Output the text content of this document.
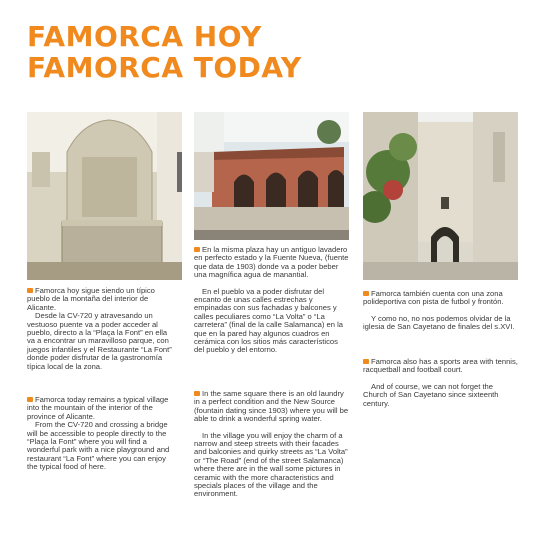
FAMORCA HOY
FAMORCA TODAY

Famorca hoy sigue siendo un típico pueblo de la montaña del interior de Alicante.

Desde la CV-720 y atravesando un vestuoso puente va a poder acceder al pueblo, directo a la “Plaça la Font” en ella va a encontrar un maravilloso parque, con juegos infantiles y el Restaurante “La Font” donde poder disfrutar de la gastronomía típica local de la zona.

Famorca today remains a typical village into the mountain of the interior of the province of Alicante.

From the CV-720 and crossing a bridge will be accessible to people directly to the “Plaça la Font” where you will find a wonderful park with a nice playground and restaurant “La Font” where you can enjoy the typical food of here.

En la misma plaza hay un antiguo lavadero en perfecto estado y la Fuente Nueva, (fuente que data de 1903) donde va a poder beber una magnífica agua de manantial.

En el pueblo va a poder disfrutar del encanto de unas calles estrechas y empinadas con sus fachadas y balcones y calles peculiares como “La Volta” o “La carretera” (final de la calle Salamanca) en la que en la pared hay algunos cuadros en cerámica con los sitios más característicos del pueblo y del entorno.

In the same square there is an old laundry in a perfect condition and the New Source (fountain dating since 1903) where you will be able to drink a wonderful spring water.

In the village you will enjoy the charm of a narrow and steep streets with their facades and balconies and quirky streets as “La Volta” or “The Road” (end of the street Salamanca) where there are in the wall some pictures in ceramic with the more characteristics and specials places of the village and the environment.

Famorca también cuenta con una zona polideportiva con pista de futbol y frontón.

Y como no, no nos podemos olvidar de la iglesia de San Cayetano de finales del s.XVI.

Famorca also has a sports area with tennis, racquetball and football court.

And of course, we can not forget the Church of San Cayetano since sixteenth century.
